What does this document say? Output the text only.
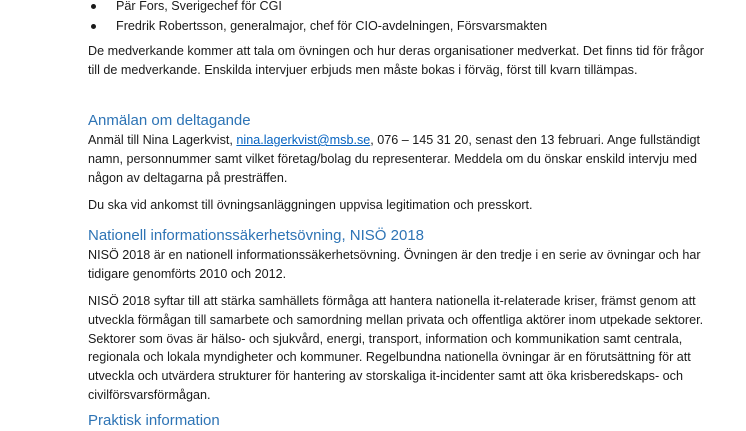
Pär Fors, Sverigechef för CGI
Fredrik Robertsson, generalmajor, chef för CIO-avdelningen, Försvarsmakten

De medverkande kommer att tala om övningen och hur deras organisationer medverkat. Det finns tid för frågor till de medverkande. Enskilda intervjuer erbjuds men måste bokas i förväg, först till kvarn tillämpas.

Anmälan om deltagande

Anmäl till Nina Lagerkvist, nina.lagerkvist@msb.se, 076 – 145 31 20, senast den 13 februari. Ange fullständigt namn, personnummer samt vilket företag/bolag du representerar. Meddela om du önskar enskild intervju med någon av deltagarna på presträffen.

Du ska vid ankomst till övningsanläggningen uppvisa legitimation och presskort.

Nationell informationssäkerhetsövning, NISÖ 2018

NISÖ 2018 är en nationell informationssäkerhetsövning. Övningen är den tredje i en serie av övningar och har tidigare genomförts 2010 och 2012.

NISÖ 2018 syftar till att stärka samhällets förmåga att hantera nationella it-relaterade kriser, främst genom att utveckla förmågan till samarbete och samordning mellan privata och offentliga aktörer inom utpekade sektorer. Sektorer som övas är hälso- och sjukvård, energi, transport, information och kommunikation samt centrala, regionala och lokala myndigheter och kommuner. Regelbundna nationella övningar är en förutsättning för att utveckla och utvärdera strukturer för hantering av storskaliga it-incidenter samt att öka krisberedskaps- och civilförsvarsförmågan.

Praktisk information
